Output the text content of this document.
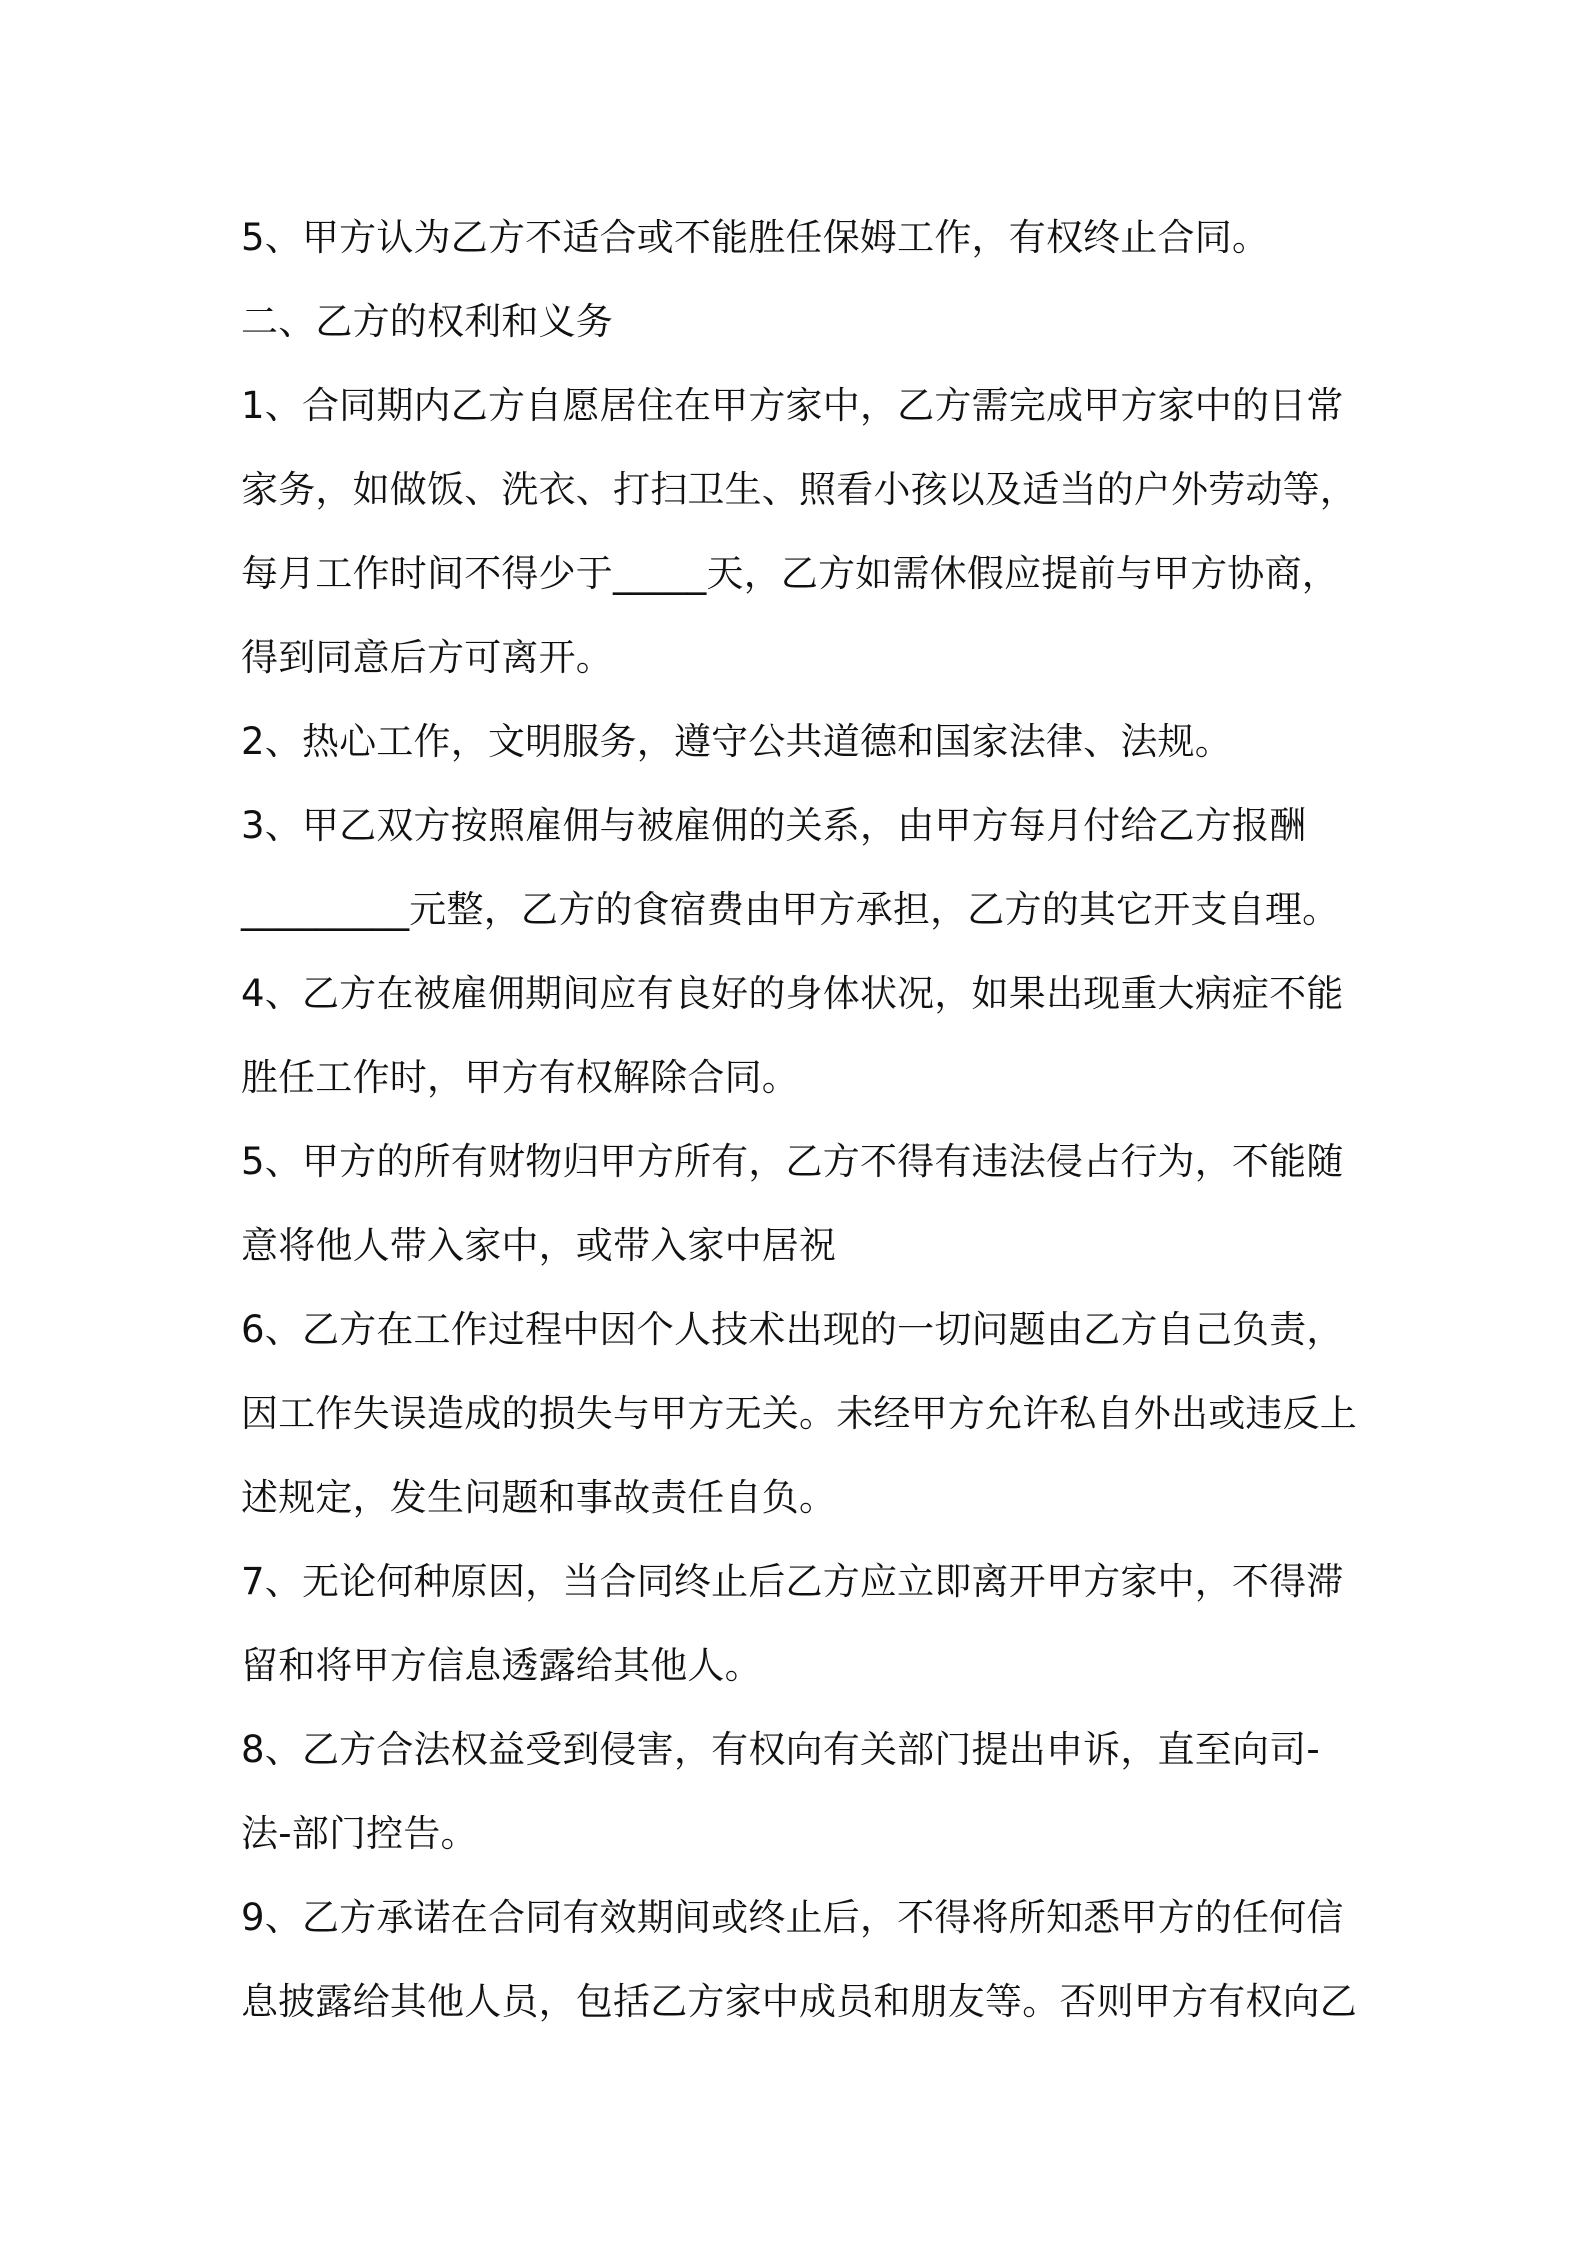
5、甲方认为乙方不适合或不能胜任保姆工作，有权终止合同。
二、乙方的权利和义务
1、合同期内乙方自愿居住在甲方家中，乙方需完成甲方家中的日常
家务，如做饭、洗衣、打扫卫生、照看小孩以及适当的户外劳动等，
每月工作时间不得少于_____天，乙方如需休假应提前与甲方协商，
得到同意后方可离开。
2、热心工作，文明服务，遵守公共道德和国家法律、法规。
3、甲乙双方按照雇佣与被雇佣的关系，由甲方每月付给乙方报酬
_________元整，乙方的食宿费由甲方承担，乙方的其它开支自理。
4、乙方在被雇佣期间应有良好的身体状况，如果出现重大病症不能
胜任工作时，甲方有权解除合同。
5、甲方的所有财物归甲方所有，乙方不得有违法侵占行为，不能随
意将他人带入家中，或带入家中居祝
6、乙方在工作过程中因个人技术出现的一切问题由乙方自己负责，
因工作失误造成的损失与甲方无关。未经甲方允许私自外出或违反上
述规定，发生问题和事故责任自负。
7、无论何种原因，当合同终止后乙方应立即离开甲方家中，不得滞
留和将甲方信息透露给其他人。
8、乙方合法权益受到侵害，有权向有关部门提出申诉，直至向司-
法-部门控告。
9、乙方承诺在合同有效期间或终止后，不得将所知悉甲方的任何信
息披露给其他人员，包括乙方家中成员和朋友等。否则甲方有权向乙
